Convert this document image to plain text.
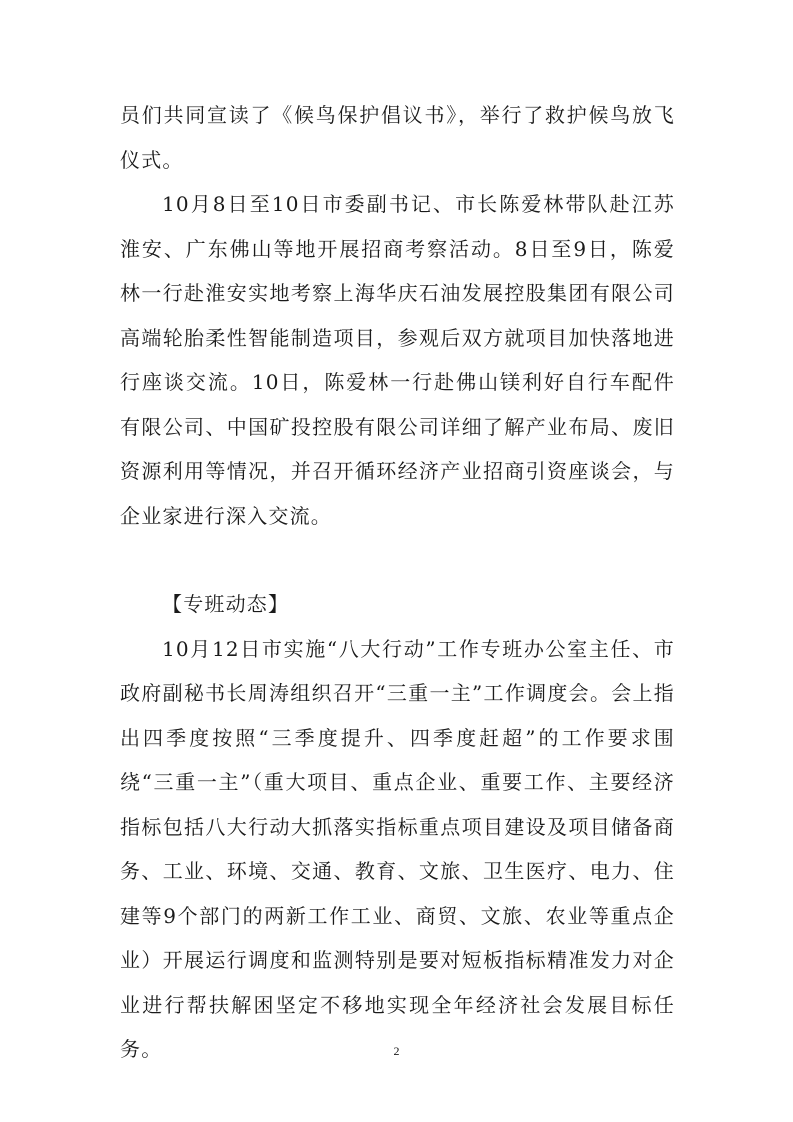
员们共同宣读了《候鸟保护倡议书》，举行了救护候鸟放飞仪式。

10月8日至10日市委副书记、市长陈爱林带队赴江苏淮安、广东佛山等地开展招商考察活动。8日至9日，陈爱林一行赴淮安实地考察上海华庆石油发展控股集团有限公司高端轮胎柔性智能制造项目，参观后双方就项目加快落地进行座谈交流。10日，陈爱林一行赴佛山镁利好自行车配件有限公司、中国矿投控股有限公司详细了解产业布局、废旧资源利用等情况，并召开循环经济产业招商引资座谈会，与企业家进行深入交流。

【专班动态】

10月12日市实施“八大行动”工作专班办公室主任、市政府副秘书长周涛组织召开“三重一主”工作调度会。会上指出四季度按照“三季度提升、四季度赶超”的工作要求围绕“三重一主”（重大项目、重点企业、重要工作、主要经济指标包括八大行动大抓落实指标重点项目建设及项目储备商务、工业、环境、交通、教育、文旅、卫生医疗、电力、住建等9个部门的两新工作工业、商贸、文旅、农业等重点企业）开展运行调度和监测特别是要对短板指标精准发力对企业进行帮扶解困坚定不移地实现全年经济社会发展目标任务。	2
